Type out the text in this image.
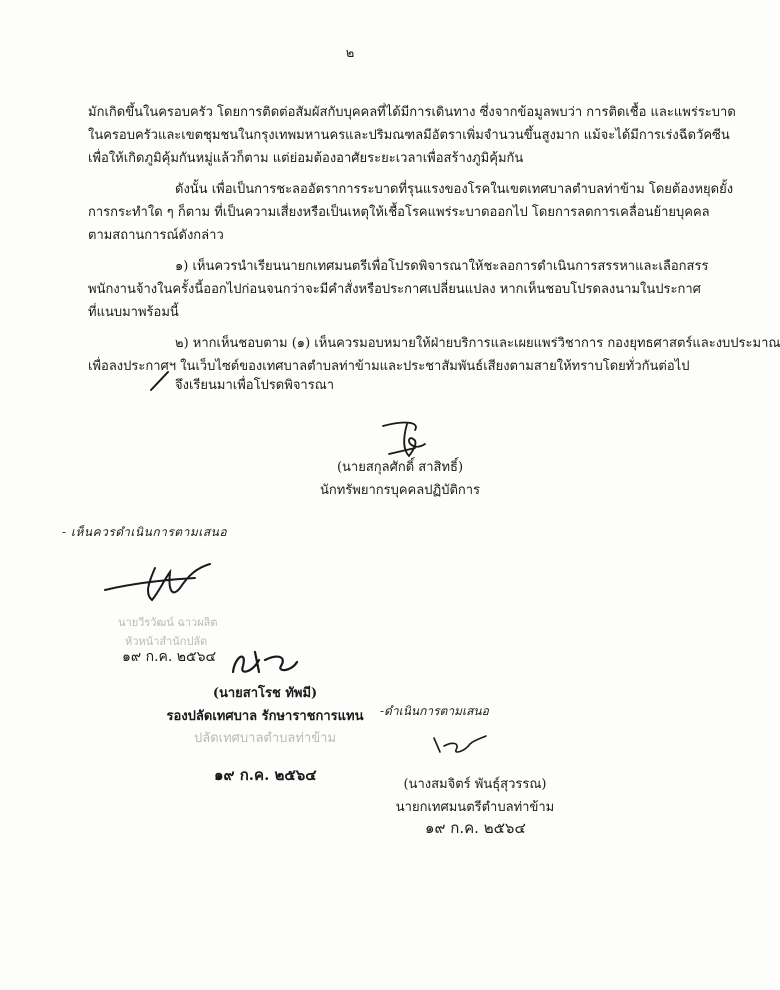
๒
มักเกิดขึ้นในครอบครัว โดยการติดต่อสัมผัสกับบุคคลที่ได้มีการเดินทาง ซึ่งจากข้อมูลพบว่า การติดเชื้อ และแพร่ระบาด
ในครอบครัวและเขตชุมชนในกรุงเทพมหานครและปริมณฑลมีอัตราเพิ่มจำนวนขึ้นสูงมาก แม้จะได้มีการเร่งฉีดวัคซีน
เพื่อให้เกิดภูมิคุ้มกันหมู่แล้วก็ตาม แต่ย่อมต้องอาศัยระยะเวลาเพื่อสร้างภูมิคุ้มกัน
ดังนั้น เพื่อเป็นการชะลออัตราการระบาดที่รุนแรงของโรคในเขตเทศบาลตำบลท่าข้าม โดยต้องหยุดยั้ง
การกระทำใด ๆ ก็ตาม ที่เป็นความเสี่ยงหรือเป็นเหตุให้เชื้อโรคแพร่ระบาดออกไป โดยการลดการเคลื่อนย้ายบุคคล
ตามสถานการณ์ดังกล่าว
๑) เห็นควรนำเรียนนายกเทศมนตรีเพื่อโปรดพิจารณาให้ชะลอการดำเนินการสรรหาและเลือกสรร
พนักงานจ้างในครั้งนี้ออกไปก่อนจนกว่าจะมีคำสั่งหรือประกาศเปลี่ยนแปลง หากเห็นชอบโปรดลงนามในประกาศ
ที่แนบมาพร้อมนี้
๒) หากเห็นชอบตาม (๑) เห็นควรมอบหมายให้ฝ่ายบริการและเผยแพร่วิชาการ กองยุทธศาสตร์และงบประมาณ
เพื่อลงประกาศฯ ในเว็บไซต์ของเทศบาลตำบลท่าข้ามและประชาสัมพันธ์เสียงตามสายให้ทราบโดยทั่วกันต่อไป
จึงเรียนมาเพื่อโปรดพิจารณา
(นายสกุลศักดิ์ สาสิทธิ์)
นักทรัพยากรบุคคลปฏิบัติการ
- เห็นควรดำเนินการตามเสนอ
นายวีรวัฒน์ ฉาวผลิต
หัวหน้าสำนักปลัด
๑๙ ก.ค. ๒๕๖๔
(นายสาโรช ทัพมี)
รองปลัดเทศบาล รักษาราชการแทน
ปลัดเทศบาลตำบลท่าข้าม
๑๙ ก.ค. ๒๕๖๔
-ดำเนินการตามเสนอ
(นางสมจิตร์ พันธุ์สุวรรณ)
นายกเทศมนตรีตำบลท่าข้าม
๑๙ ก.ค. ๒๕๖๔
